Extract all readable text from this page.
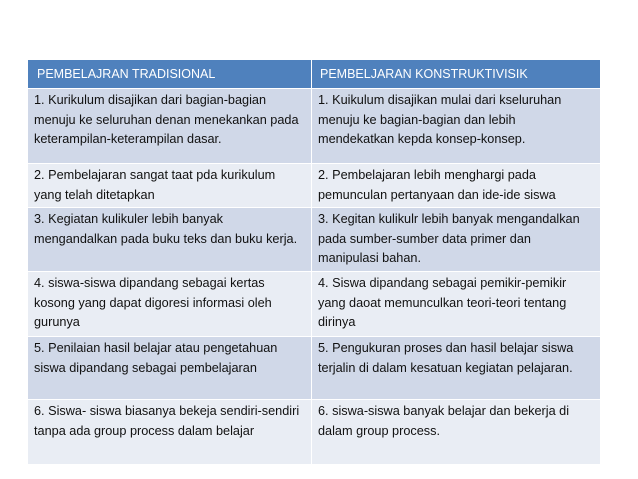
PEMBELAJRAN TRADISIONAL	PEMBELJARAN KONSTRUKTIVISIK
1. Kurikulum disajikan dari bagian-bagian menuju ke seluruhan denan menekankan pada keterampilan-keterampilan dasar.	1. Kuikulum disajikan mulai dari kseluruhan menuju ke bagian-bagian dan lebih mendekatkan kepda konsep-konsep.
2. Pembelajaran sangat taat pda kurikulum yang telah ditetapkan	2. Pembelajaran lebih menghargi pada pemunculan pertanyaan dan ide-ide siswa
3. Kegiatan kulikuler lebih banyak mengandalkan pada buku teks dan buku kerja.	3. Kegitan kulikulr lebih banyak mengandalkan pada sumber-sumber data primer dan manipulasi bahan.
4. siswa-siswa dipandang sebagai kertas kosong yang dapat digoresi informasi oleh gurunya	4. Siswa dipandang sebagai pemikir-pemikir yang daoat memunculkan teori-teori tentang dirinya
5. Penilaian hasil belajar atau pengetahuan siswa dipandang sebagai pembelajaran	5. Pengukuran proses dan hasil belajar siswa terjalin di dalam kesatuan kegiatan pelajaran.
6. Siswa- siswa biasanya bekeja sendiri-sendiri tanpa ada group process dalam belajar	6. siswa-siswa banyak belajar dan bekerja di dalam group process.
